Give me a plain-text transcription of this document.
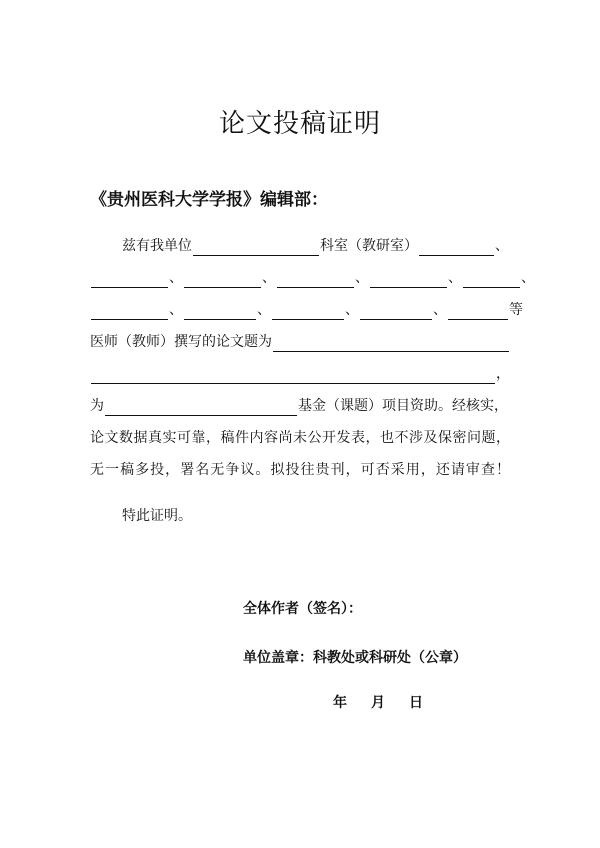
论文投稿证明

《贵州医科大学学报》编辑部：

兹有我单位	科室（教研室）	、
、	、	、	、	、
、	、	、	、	等
医师（教师）撰写的论文题为
，
为	基金（课题）项目资助。经核实，
论文数据真实可靠，稿件内容尚未公开发表，也不涉及保密问题，
无一稿多投，署名无争议。拟投往贵刊，可否采用，还请审查！
特此证明。
全体作者（签名）：
单位盖章：科教处或科研处（公章）
年 月 日
